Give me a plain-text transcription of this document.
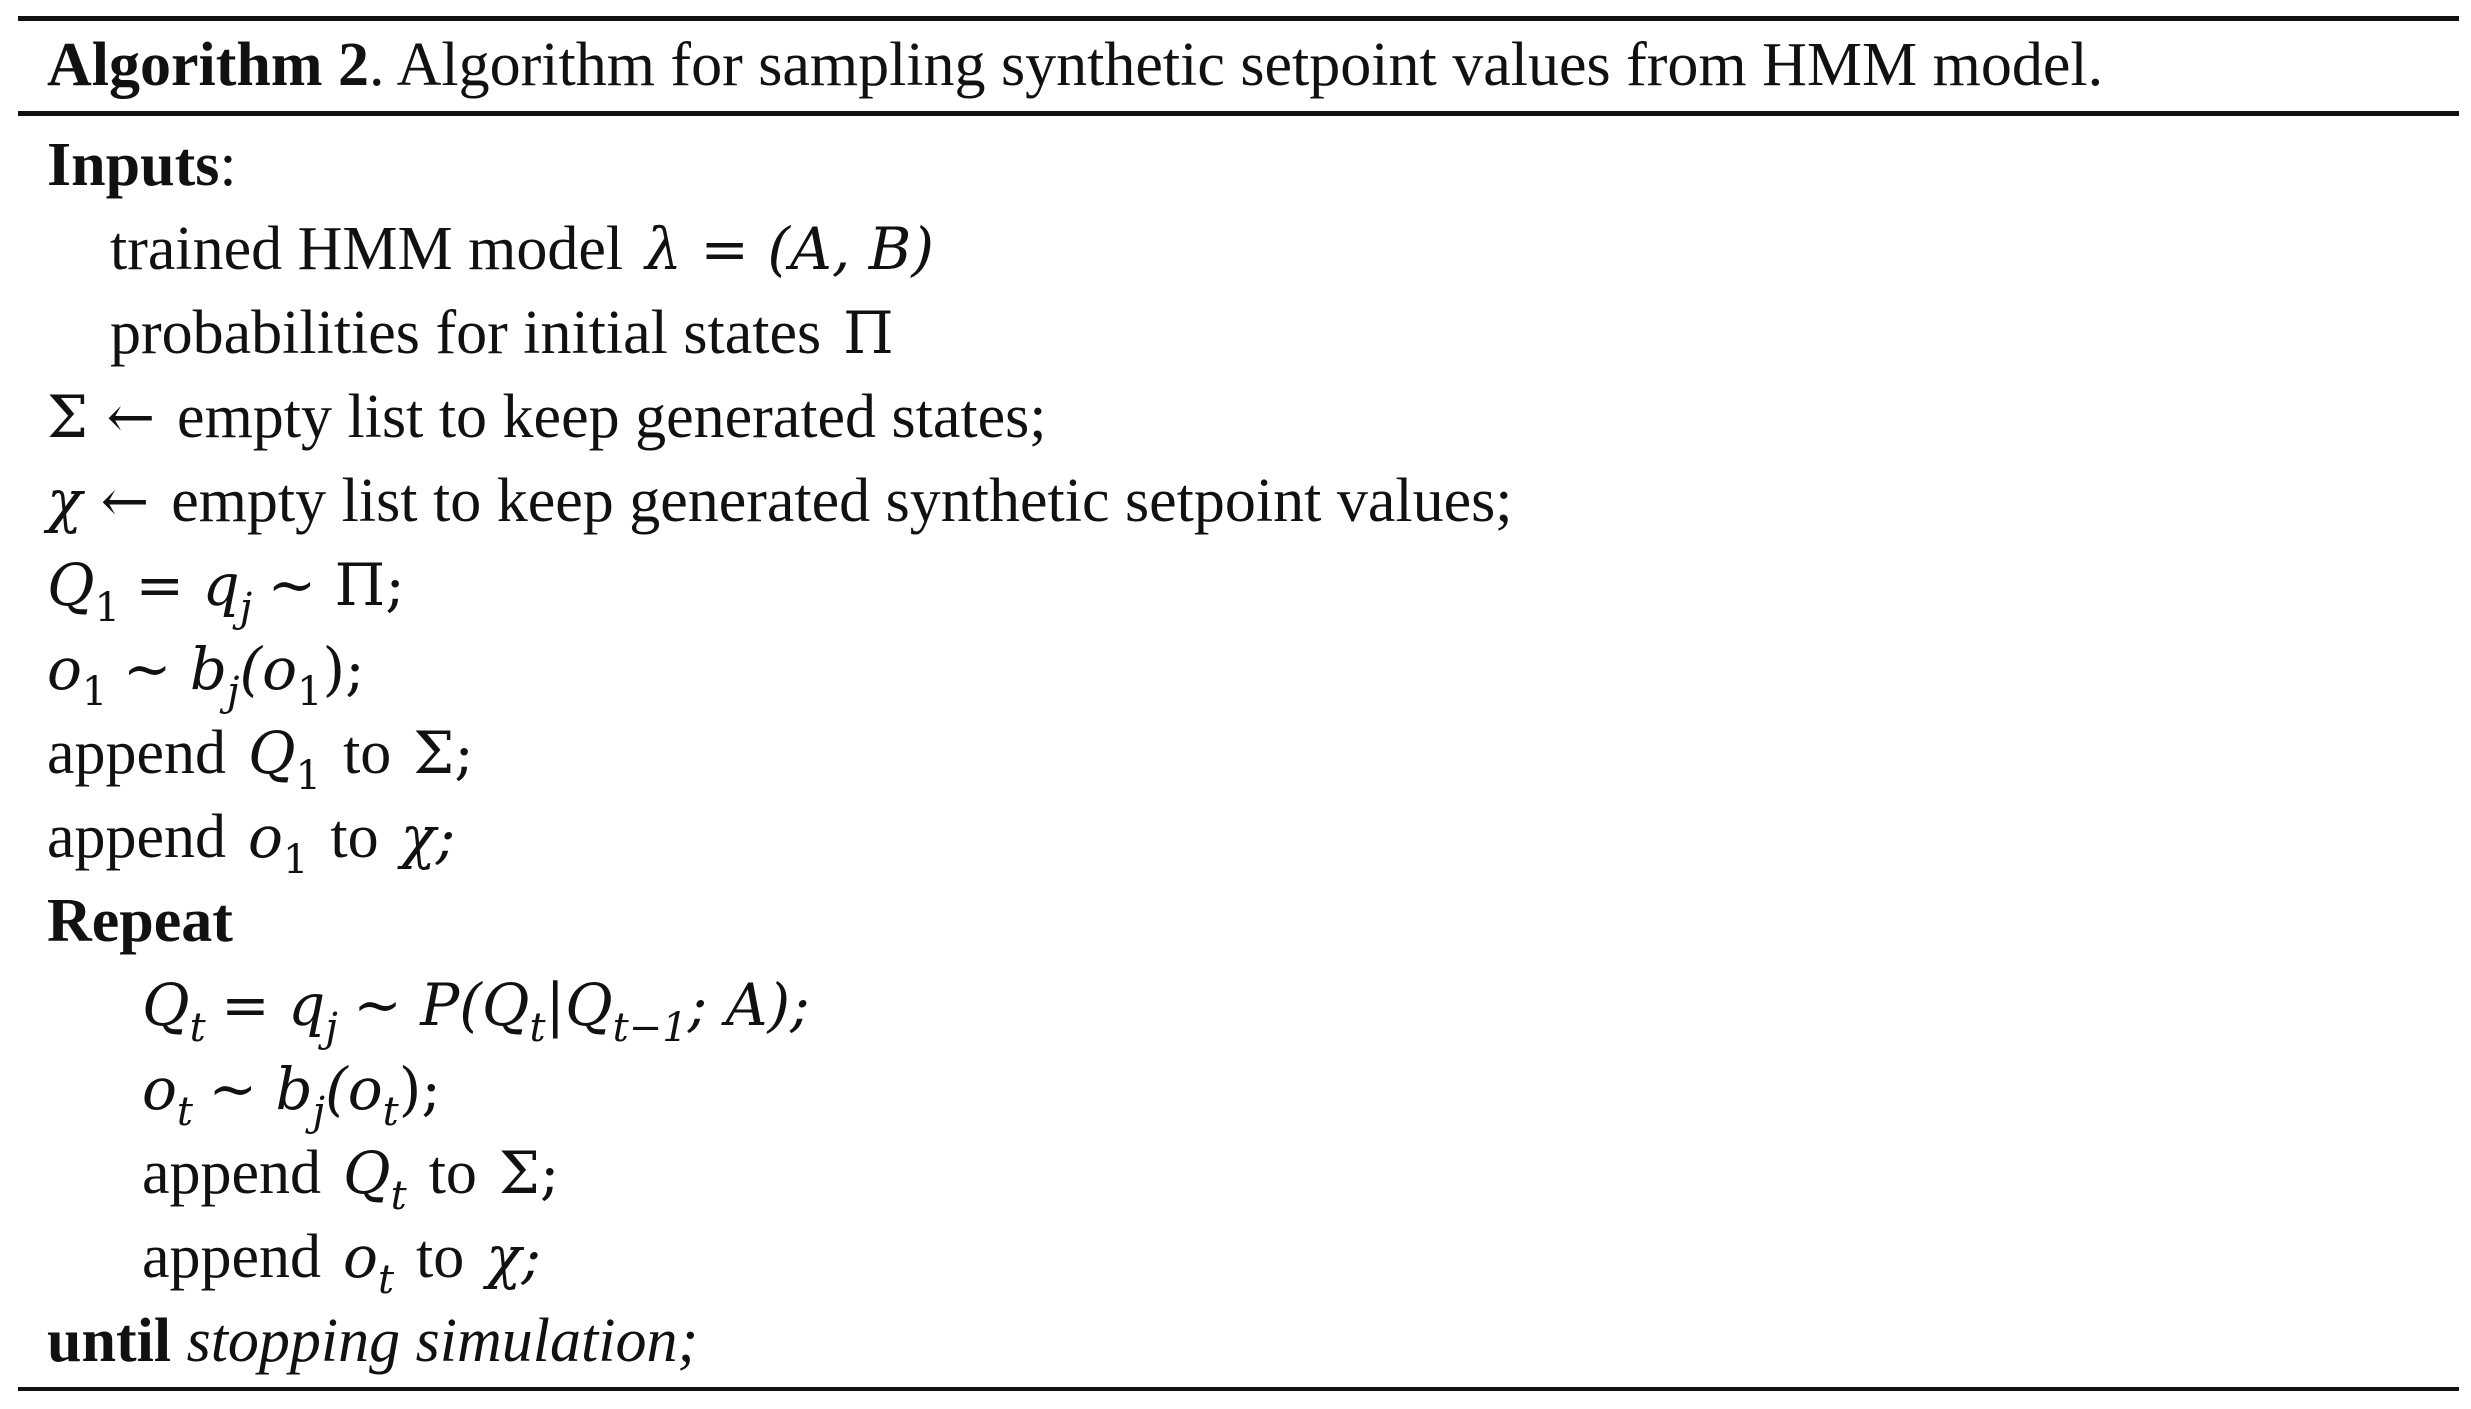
Algorithm 2. Algorithm for sampling synthetic setpoint values from HMM model.
Inputs:
trained HMM model λ = (A, B)
probabilities for initial states Π
Σ ← empty list to keep generated states;
χ ← empty list to keep generated synthetic setpoint values;
$Q_1 = q_j$ ~ Π;
$o_1$ ~ $b_j(o_1)$;
append $Q_1$ to Σ;
append $o_1$ to χ;
Repeat
$Q_t = q_j$ ~ $P(Q_t|Q_{t-1}$; A);
$o_t$ ~ $b_j(o_t)$;
append $Q_t$ to Σ;
append $o_t$ to χ;
until stopping simulation;
